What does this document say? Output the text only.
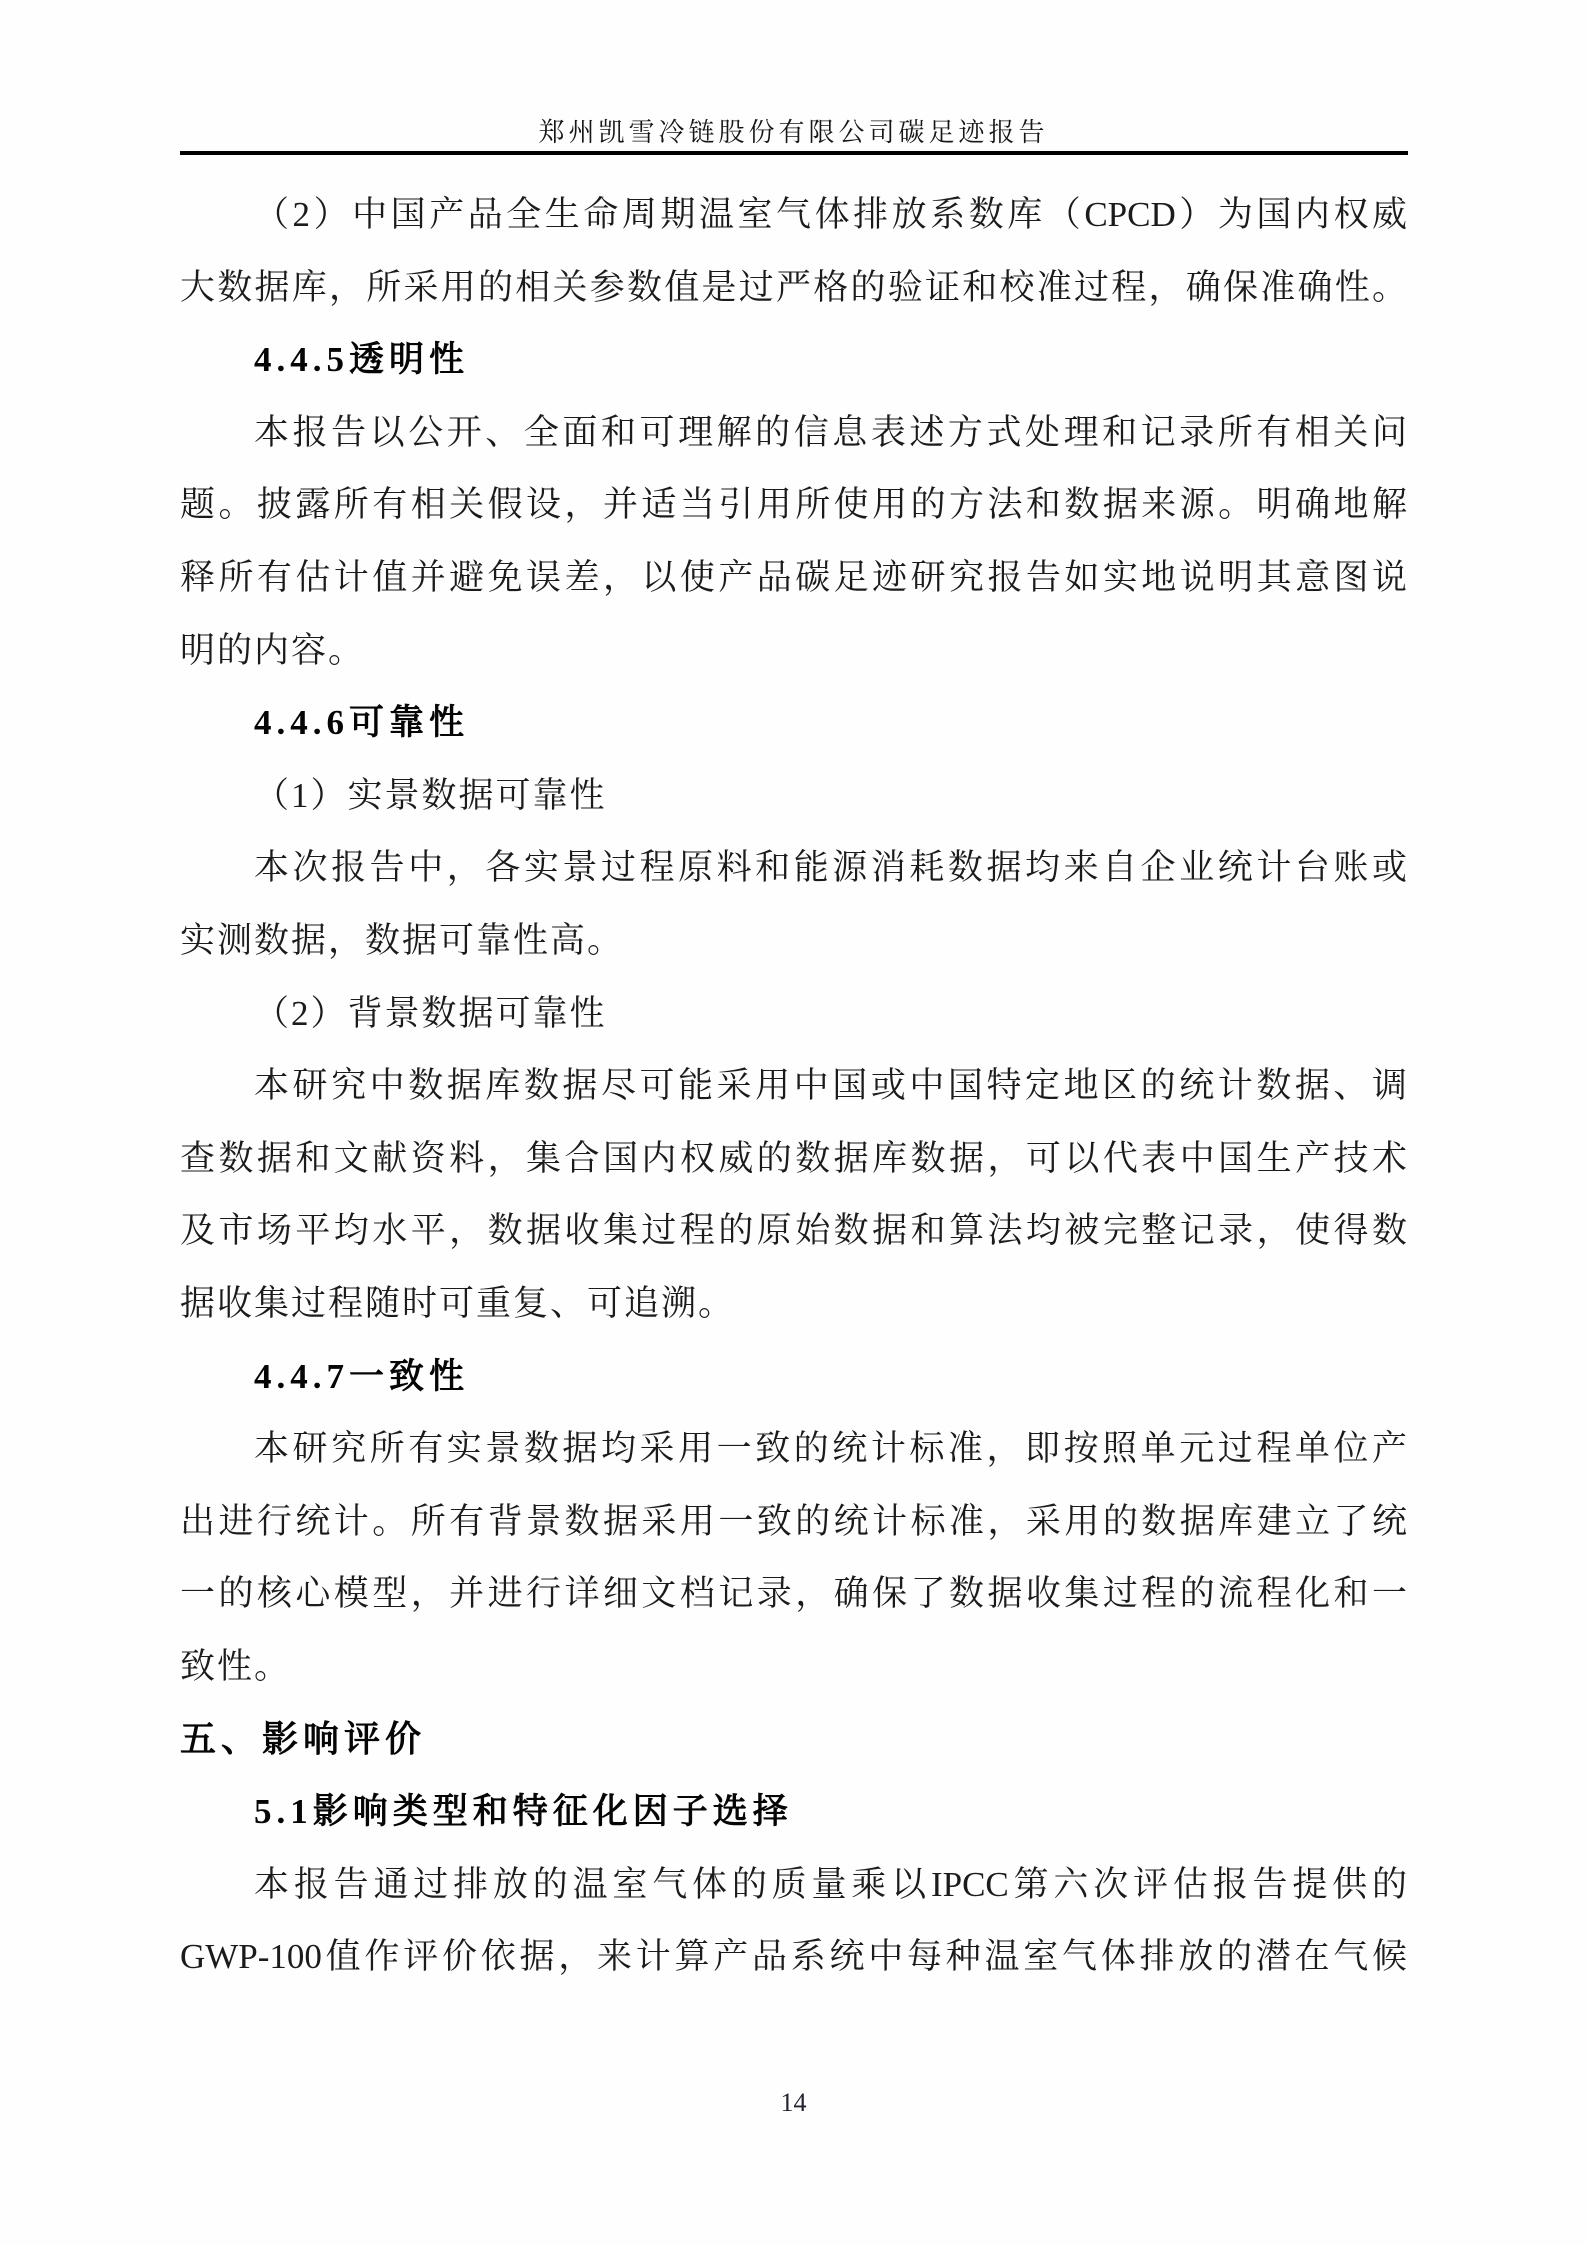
郑州凯雪冷链股份有限公司碳足迹报告
（2）中国产品全生命周期温室气体排放系数库（CPCD）为国内权威
大数据库，所采用的相关参数值是过严格的验证和校准过程，确保准确性。
4.4.5透明性
本报告以公开、全面和可理解的信息表述方式处理和记录所有相关问
题。披露所有相关假设，并适当引用所使用的方法和数据来源。明确地解
释所有估计值并避免误差，以使产品碳足迹研究报告如实地说明其意图说
明的内容。
4.4.6可靠性
（1）实景数据可靠性
本次报告中，各实景过程原料和能源消耗数据均来自企业统计台账或
实测数据，数据可靠性高。
（2）背景数据可靠性
本研究中数据库数据尽可能采用中国或中国特定地区的统计数据、调
查数据和文献资料，集合国内权威的数据库数据，可以代表中国生产技术
及市场平均水平，数据收集过程的原始数据和算法均被完整记录，使得数
据收集过程随时可重复、可追溯。
4.4.7一致性
本研究所有实景数据均采用一致的统计标准，即按照单元过程单位产
出进行统计。所有背景数据采用一致的统计标准，采用的数据库建立了统
一的核心模型，并进行详细文档记录，确保了数据收集过程的流程化和一
致性。
五、影响评价
5.1影响类型和特征化因子选择
本报告通过排放的温室气体的质量乘以IPCC第六次评估报告提供的
GWP-100值作评价依据，来计算产品系统中每种温室气体排放的潜在气候
14
